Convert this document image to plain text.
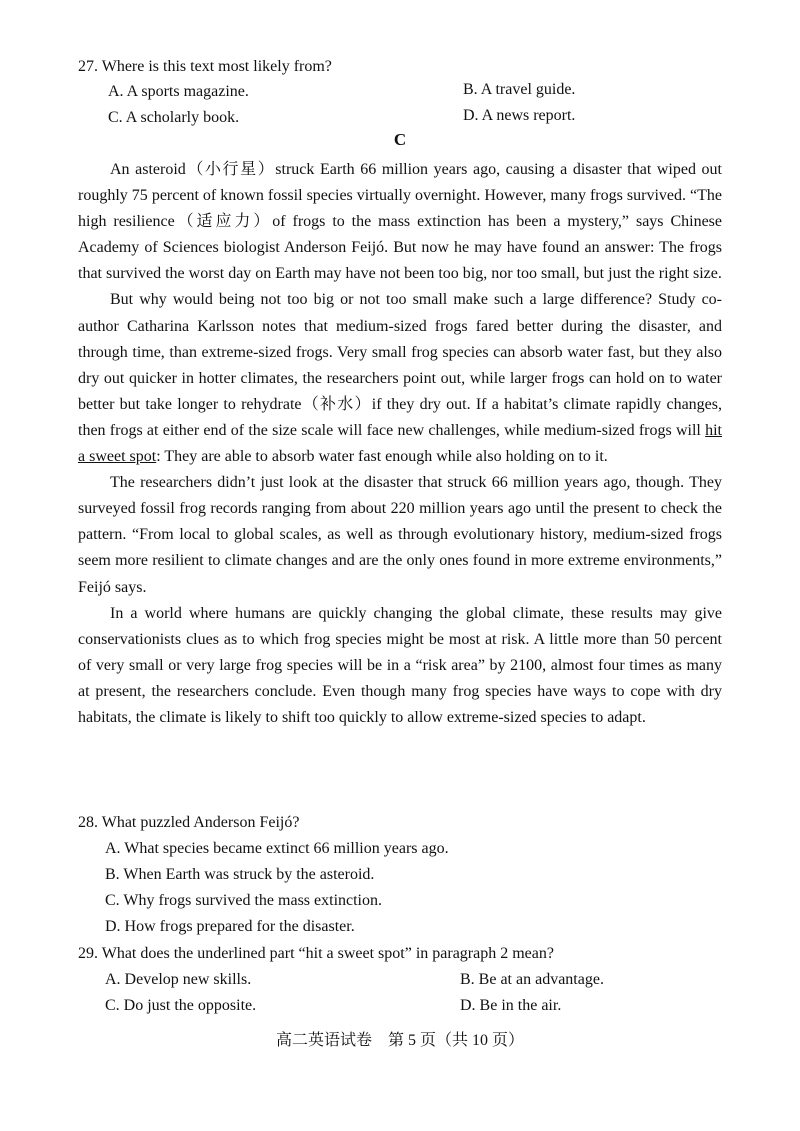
27. Where is this text most likely from?
A. A sports magazine.	B. A travel guide.
C. A scholarly book.	D. A news report.
C

An asteroid（小行星）struck Earth 66 million years ago, causing a disaster that wiped out roughly 75 percent of known fossil species virtually overnight. However, many frogs survived. “The high resilience（适应力）of frogs to the mass extinction has been a mystery,” says Chinese Academy of Sciences biologist Anderson Feijó. But now he may have found an answer: The frogs that survived the worst day on Earth may have not been too big, nor too small, but just the right size.

But why would being not too big or not too small make such a large difference? Study co-author Catharina Karlsson notes that medium-sized frogs fared better during the disaster, and through time, than extreme-sized frogs. Very small frog species can absorb water fast, but they also dry out quicker in hotter climates, the researchers point out, while larger frogs can hold on to water better but take longer to rehydrate（补水）if they dry out. If a habitat’s climate rapidly changes, then frogs at either end of the size scale will face new challenges, while medium-sized frogs will hit a sweet spot: They are able to absorb water fast enough while also holding on to it.

The researchers didn’t just look at the disaster that struck 66 million years ago, though. They surveyed fossil frog records ranging from about 220 million years ago until the present to check the pattern. “From local to global scales, as well as through evolutionary history, medium-sized frogs seem more resilient to climate changes and are the only ones found in more extreme environments,” Feijó says.

In a world where humans are quickly changing the global climate, these results may give conservationists clues as to which frog species might be most at risk. A little more than 50 percent of very small or very large frog species will be in a “risk area” by 2100, almost four times as many at present, the researchers conclude. Even though many frog species have ways to cope with dry habitats, the climate is likely to shift too quickly to allow extreme-sized species to adapt.

28. What puzzled Anderson Feijó?
A. What species became extinct 66 million years ago.
B. When Earth was struck by the asteroid.
C. Why frogs survived the mass extinction.
D. How frogs prepared for the disaster.
29. What does the underlined part “hit a sweet spot” in paragraph 2 mean?
A. Develop new skills.	B. Be at an advantage.
C. Do just the opposite.	D. Be in the air.
高二英语试卷　第 5 页（共 10 页）
